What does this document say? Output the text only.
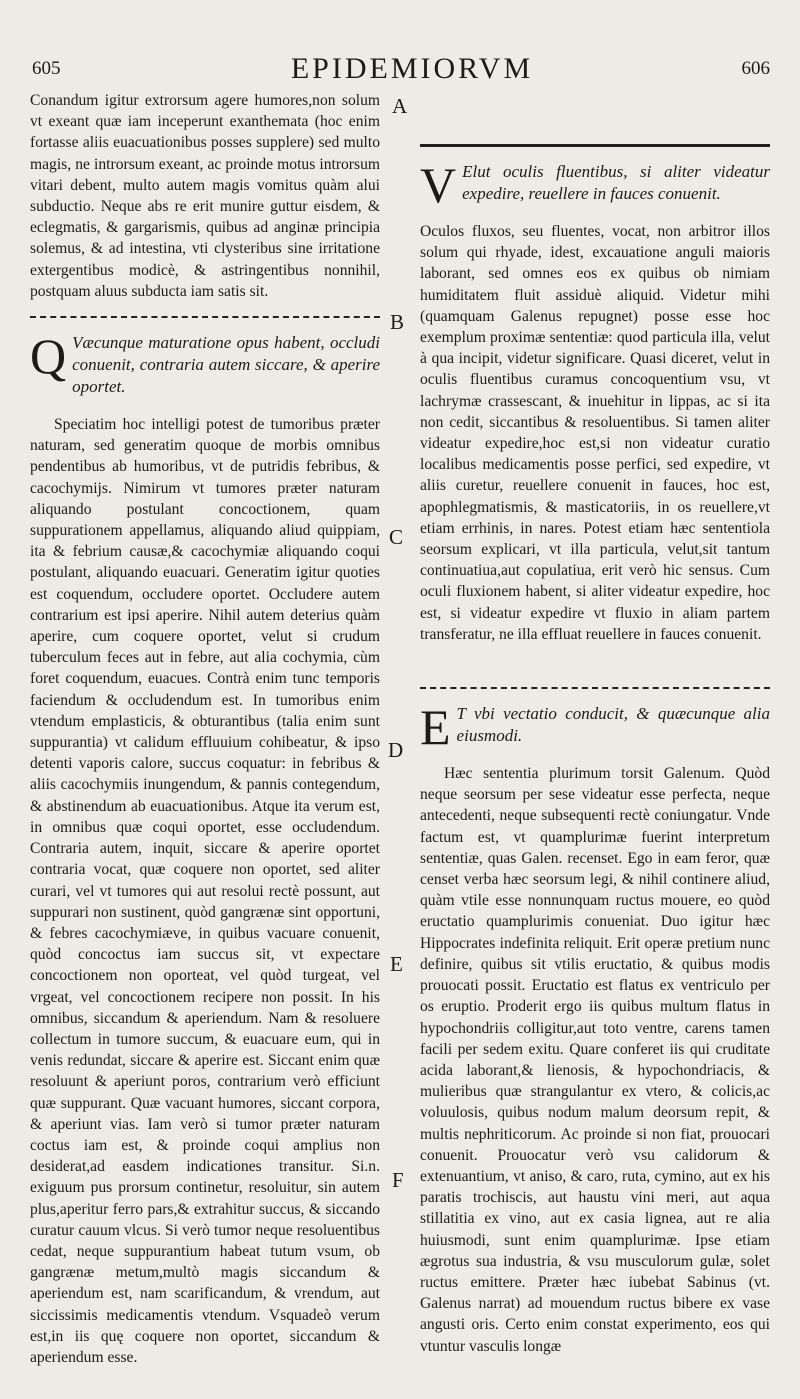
605	EPIDEMIORVM	606
A
B
C
D
E
F

Conandum igitur extrorsum agere humores,non solum vt exeant quæ iam inceperunt exanthemata (hoc enim fortasse aliis euacuationibus posses supplere) sed multo magis, ne introrsum exeant, ac proinde motus introrsum vitari debent, multo autem magis vomitus quàm alui subductio. Neque abs re erit munire guttur eisdem, & eclegmatis, & gargarismis, quibus ad anginæ principia solemus, & ad intestina, vti clysteribus sine irritatione extergentibus modicè, & astringentibus nonnihil, postquam aluus subducta iam satis sit.

Q Væcunque maturatione opus habent, occludi conuenit, contraria autem siccare, & aperire oportet.

Speciatim hoc intelligi potest de tumoribus præter naturam, sed generatim quoque de morbis omnibus pendentibus ab humoribus, vt de putridis febribus, & cacochymijs. Nimirum vt tumores præter naturam aliquando postulant concoctionem, quam suppurationem appellamus, aliquando aliud quippiam, ita & febrium causæ,& cacochymiæ aliquando coqui postulant, aliquando euacuari. Generatim igitur quoties est coquendum, occludere oportet. Occludere autem contrarium est ipsi aperire. Nihil autem deterius quàm aperire, cum coquere oportet, velut si crudum tuberculum feces aut in febre, aut alia cochymia, cùm foret coquendum, euacues. Contrà enim tunc temporis faciendum & occludendum est. In tumoribus enim vtendum emplasticis, & obturantibus (talia enim sunt suppurantia) vt calidum effluuium cohibeatur, & ipso detenti vaporis calore, succus coquatur: in febribus & aliis cacochymiis inungendum, & pannis contegendum, & abstinendum ab euacuationibus. Atque ita verum est, in omnibus quæ coqui oportet, esse occludendum. Contraria autem, inquit, siccare & aperire oportet contraria vocat, quæ coquere non oportet, sed aliter curari, vel vt tumores qui aut resolui rectè possunt, aut suppurari non sustinent, quòd gangrænæ sint opportuni, & febres cacochymiæve, in quibus vacuare conuenit, quòd concoctus iam succus sit, vt expectare concoctionem non oporteat, vel quòd turgeat, vel vrgeat, vel concoctionem recipere non possit. In his omnibus, siccandum & aperiendum. Nam & resoluere collectum in tumore succum, & euacuare eum, qui in venis redundat, siccare & aperire est. Siccant enim quæ resoluunt & aperiunt poros, contrarium verò efficiunt quæ suppurant. Quæ vacuant humores, siccant corpora, & aperiunt vias. Iam verò si tumor præter naturam coctus iam est, & proinde coqui amplius non desiderat,ad easdem indicationes transitur. Si.n. exiguum pus prorsum continetur, resoluitur, sin autem plus,aperitur ferro pars,& extrahitur succus, & siccando curatur cauum vlcus. Si verò tumor neque resoluentibus cedat, neque suppurantium habeat tutum vsum, ob gangrænæ metum,multò magis siccandum & aperiendum est, nam scarificandum, & vrendum, aut siccissimis medicamentis vtendum. Vsquadeò verum est,in iis quę coquere non oportet, siccandum & aperiendum esse.

V Elut oculis fluentibus, si aliter videatur expedire, reuellere in fauces conuenit.

Oculos fluxos, seu fluentes, vocat, non arbitror illos solum qui rhyade, idest, excauatione anguli maioris laborant, sed omnes eos ex quibus ob nimiam humiditatem fluit assiduè aliquid. Videtur mihi (quamquam Galenus repugnet) posse esse hoc exemplum proximæ sententiæ: quod particula illa, velut à qua incipit, videtur significare. Quasi diceret, velut in oculis fluentibus curamus concoquentium vsu, vt lachrymæ crassescant, & inuehitur in lippas, ac si ita non cedit, siccantibus & resoluentibus. Si tamen aliter videatur expedire,hoc est,si non videatur curatio localibus medicamentis posse perfici, sed expedire, vt aliis curetur, reuellere conuenit in fauces, hoc est, apophlegmatismis, & masticatoriis, in os reuellere,vt etiam errhinis, in nares. Potest etiam hæc sententiola seorsum explicari, vt illa particula, velut,sit tantum continuatiua,aut copulatiua, erit verò hic sensus. Cum oculi fluxionem habent, si aliter videatur expedire, hoc est, si videatur expedire vt fluxio in aliam partem transferatur, ne illa effluat reuellere in fauces conuenit.

E T vbi vectatio conducit, & quæcunque alia eiusmodi.

Hæc sententia plurimum torsit Galenum. Quòd neque seorsum per sese videatur esse perfecta, neque antecedenti, neque subsequenti rectè coniungatur. Vnde factum est, vt quamplurimæ fuerint interpretum sententiæ, quas Galen. recenset. Ego in eam feror, quæ censet verba hæc seorsum legi, & nihil continere aliud, quàm vtile esse nonnunquam ructus mouere, eo quòd eructatio quamplurimis conueniat. Duo igitur hæc Hippocrates indefinita reliquit. Erit operæ pretium nunc definire, quibus sit vtilis eructatio, & quibus modis prouocati possit. Eructatio est flatus ex ventriculo per os eruptio. Proderit ergo iis quibus multum flatus in hypochondriis colligitur,aut toto ventre, carens tamen facili per sedem exitu. Quare conferet iis qui cruditate acida laborant,& lienosis, & hypochondriacis, & mulieribus quæ strangulantur ex vtero, & colicis,ac voluulosis, quibus nodum malum deorsum repit, & multis nephriticorum. Ac proinde si non fiat, prouocari conuenit. Prouocatur verò vsu calidorum & extenuantium, vt aniso, & caro, ruta, cymino, aut ex his paratis trochiscis, aut haustu vini meri, aut aqua stillatitia ex vino, aut ex casia lignea, aut re alia huiusmodi, sunt enim quamplurimæ. Ipse etiam ægrotus sua industria, & vsu musculorum gulæ, solet ructus emittere. Præter hæc iubebat Sabinus (vt. Galenus narrat) ad mouendum ructus bibere ex vase angusti oris. Certo enim constat experimento, eos qui vtuntur vasculis longæ
